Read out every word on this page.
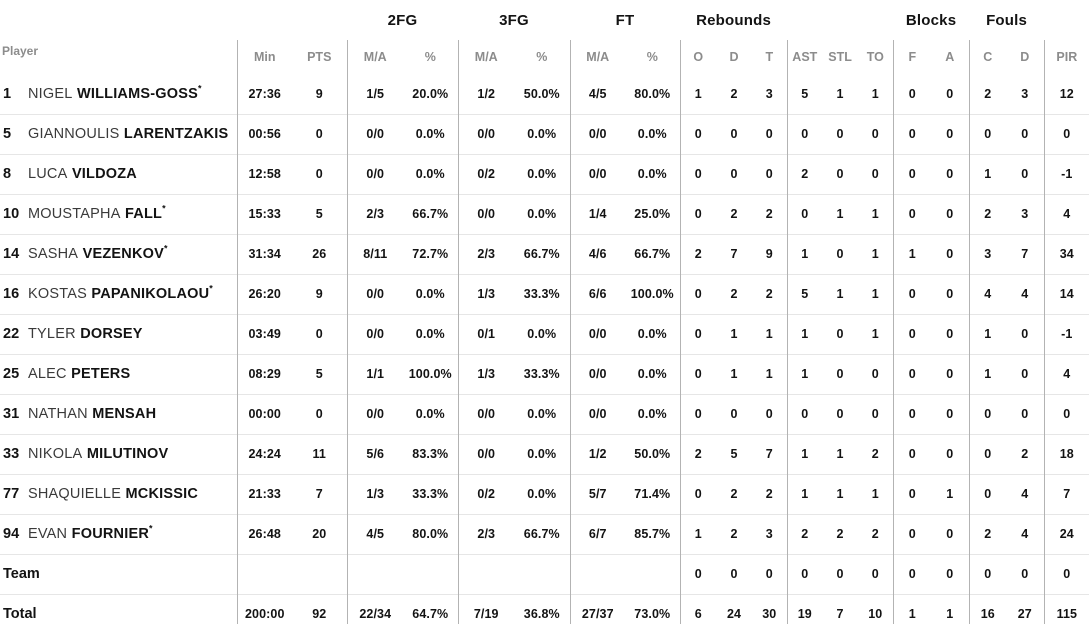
			2FG		3FG		FT		Rebounds						Blocks		Fouls		
Player	Min	PTS	M/A	%	M/A	%	M/A	%	O	D	T	AST	STL	TO	F	A	C	D	PIR
1 NIGEL WILLIAMS-GOSS*	27:36	9	1/5	20.0%	1/2	50.0%	4/5	80.0%	1	2	3	5	1	1	0	0	2	3	12
5 GIANNOULIS LARENTZAKIS	00:56	0	0/0	0.0%	0/0	0.0%	0/0	0.0%	0	0	0	0	0	0	0	0	0	0	0
8 LUCA VILDOZA	12:58	0	0/0	0.0%	0/2	0.0%	0/0	0.0%	0	0	0	2	0	0	0	0	1	0	-1
10 MOUSTAPHA FALL*	15:33	5	2/3	66.7%	0/0	0.0%	1/4	25.0%	0	2	2	0	1	1	0	0	2	3	4
14 SASHA VEZENKOV*	31:34	26	8/11	72.7%	2/3	66.7%	4/6	66.7%	2	7	9	1	0	1	1	0	3	7	34
16 KOSTAS PAPANIKOLAOU*	26:20	9	0/0	0.0%	1/3	33.3%	6/6	100.0%	0	2	2	5	1	1	0	0	4	4	14
22 TYLER DORSEY	03:49	0	0/0	0.0%	0/1	0.0%	0/0	0.0%	0	1	1	1	0	1	0	0	1	0	-1
25 ALEC PETERS	08:29	5	1/1	100.0%	1/3	33.3%	0/0	0.0%	0	1	1	1	0	0	0	0	1	0	4
31 NATHAN MENSAH	00:00	0	0/0	0.0%	0/0	0.0%	0/0	0.0%	0	0	0	0	0	0	0	0	0	0	0
33 NIKOLA MILUTINOV	24:24	11	5/6	83.3%	0/0	0.0%	1/2	50.0%	2	5	7	1	1	2	0	0	0	2	18
77 SHAQUIELLE MCKISSIC	21:33	7	1/3	33.3%	0/2	0.0%	5/7	71.4%	0	2	2	1	1	1	0	1	0	4	7
94 EVAN FOURNIER*	26:48	20	4/5	80.0%	2/3	66.7%	6/7	85.7%	1	2	3	2	2	2	0	0	2	4	24
Team									0	0	0	0	0	0	0	0	0	0	0
Total	200:00	92	22/34	64.7%	7/19	36.8%	27/37	73.0%	6	24	30	19	7	10	1	1	16	27	115
